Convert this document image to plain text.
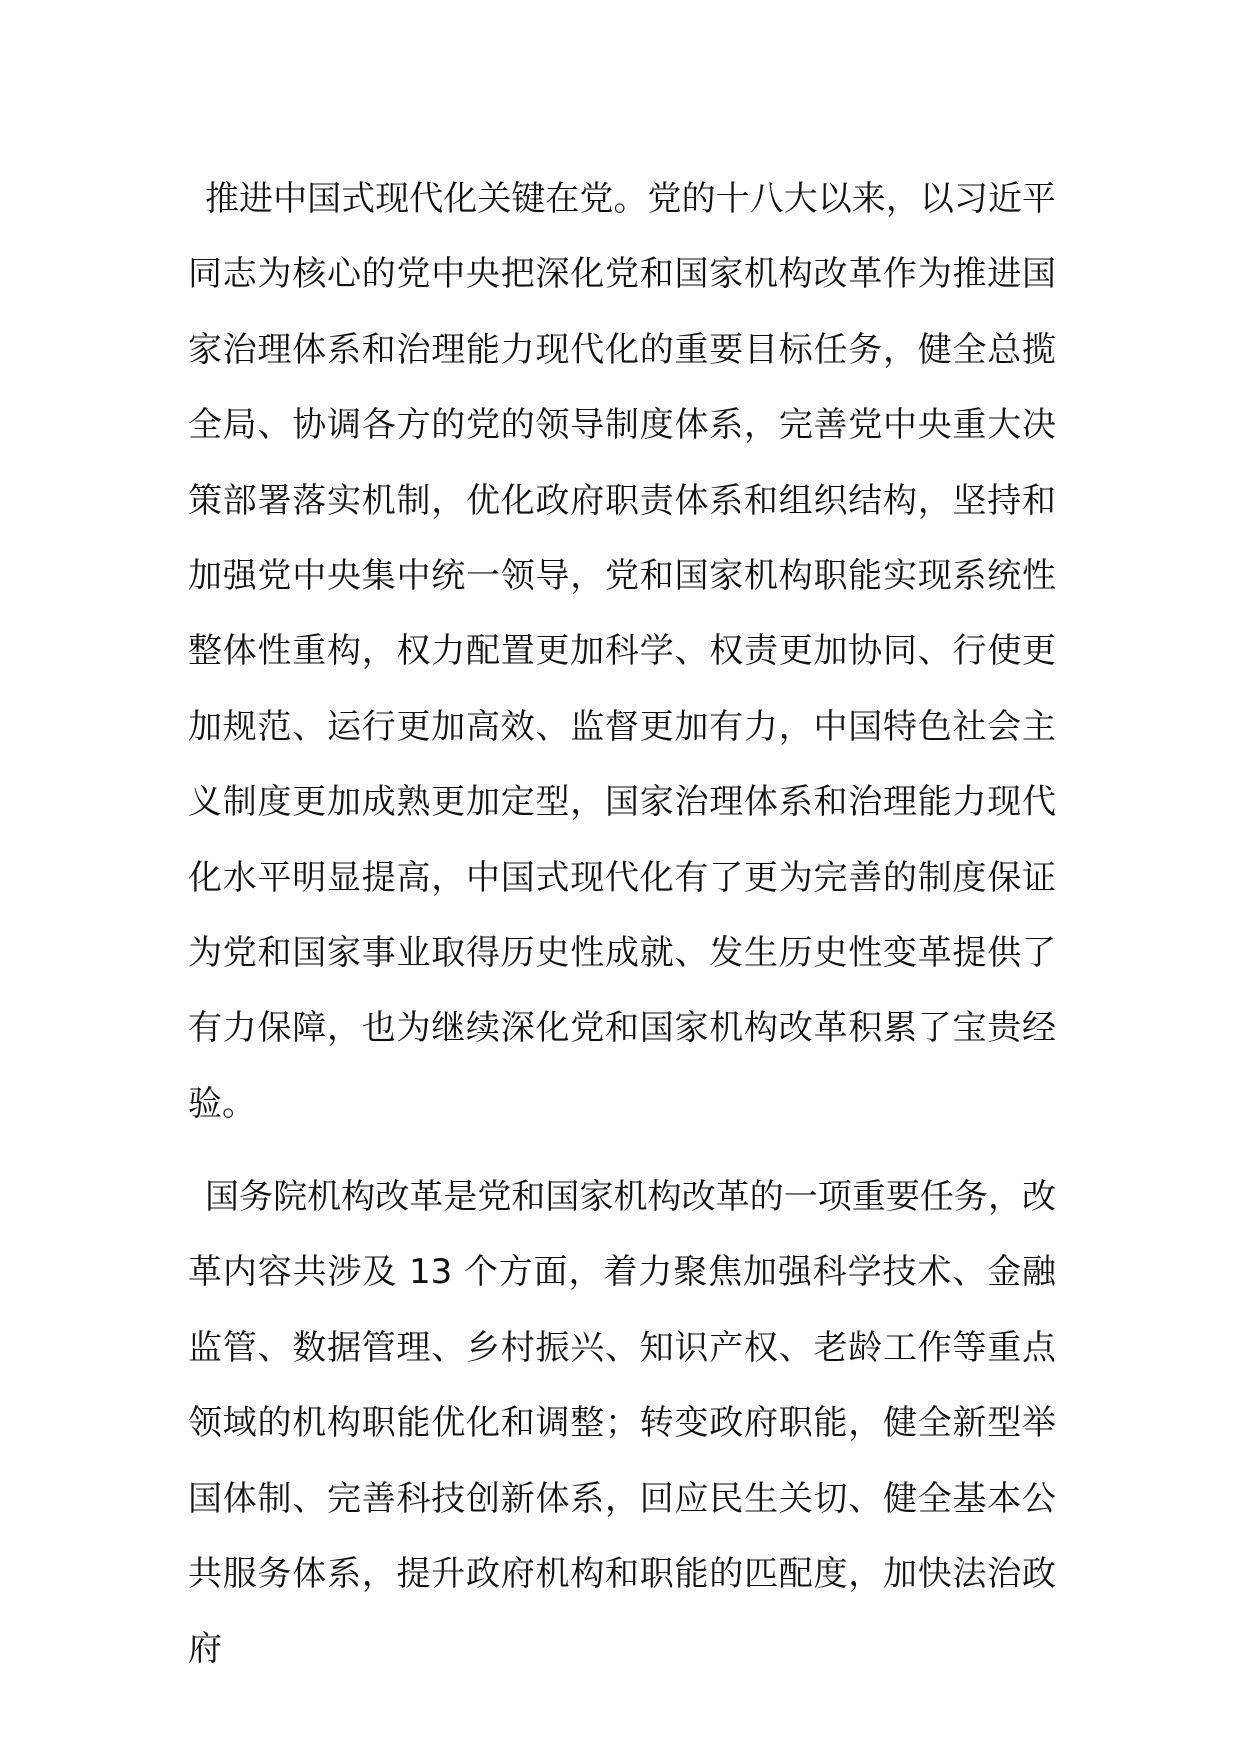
推进中国式现代化关键在党。党的十八大以来，以习近平同志为核心的党中央把深化党和国家机构改革作为推进国家治理体系和治理能力现代化的重要目标任务，健全总揽全局、协调各方的党的领导制度体系，完善党中央重大决策部署落实机制，优化政府职责体系和组织结构，坚持和加强党中央集中统一领导，党和国家机构职能实现系统性整体性重构，权力配置更加科学、权责更加协同、行使更加规范、运行更加高效、监督更加有力，中国特色社会主义制度更加成熟更加定型，国家治理体系和治理能力现代化水平明显提高，中国式现代化有了更为完善的制度保证为党和国家事业取得历史性成就、发生历史性变革提供了有力保障，也为继续深化党和国家机构改革积累了宝贵经验。

国务院机构改革是党和国家机构改革的一项重要任务，改革内容共涉及 13 个方面，着力聚焦加强科学技术、金融监管、数据管理、乡村振兴、知识产权、老龄工作等重点领域的机构职能优化和调整；转变政府职能，健全新型举国体制、完善科技创新体系，回应民生关切、健全基本公共服务体系，提升政府机构和职能的匹配度，加快法治政府
